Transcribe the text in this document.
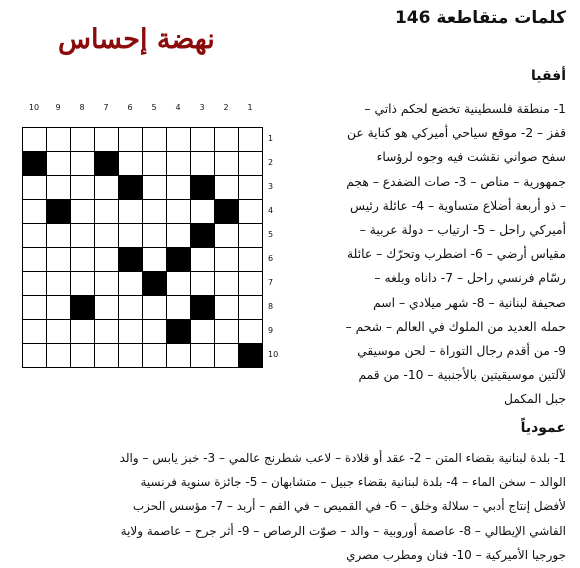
كلمات متقاطعة 146
نهضة إحساس
أفقيا
1- منطقة فلسطينية تخضع لحكم ذاتي –
قفز – 2- موقع سياحي أميركي هو كناية عن
سفح صواني نقشت فيه وجوه لرؤساء
جمهورية – مناص – 3- صات الضفدع – هجم
– ذو أربعة أضلاع متساوية – 4- عائلة رئيس
أميركي راحل – 5- ارتياب – دولة عربية –
مقياس أرضي – 6- اضطرب وتحرّك – عائلة
رسّام فرنسي راحل – 7- داناه وبلغه –
صحيفة لبنانية – 8- شهر ميلادي – اسم
حمله العديد من الملوك في العالم – شحم –
9- من أقدم رجال التوراة – لحن موسيقي
لآلتين موسيقيتين بالأجنبية – 10- من قمم
جبل المكمل
10	9	8	7	6	5	4	3	2	1
1
2
3
4
5
6
7
8
9
10
عمودياً
1- بلدة لبنانية بقضاء المتن – 2- عقد أو قلادة – لاعب شطرنج عالمي – 3- خبز يابس – والد
الوالد – سخن الماء – 4- بلدة لبنانية بقضاء جبيل – متشابهان – 5- جائزة سنوية فرنسية
لأفضل إنتاج أدبي – سلالة وخلق – 6- في القميص – في الفم – أربد – 7- مؤسس الحزب
الفاشي الإيطالي – 8- عاصمة أوروبية – والد – صوّت الرصاص – 9- أثر جرح – عاصمة ولاية
جورجيا الأميركية – 10- فنان ومطرب مصري
